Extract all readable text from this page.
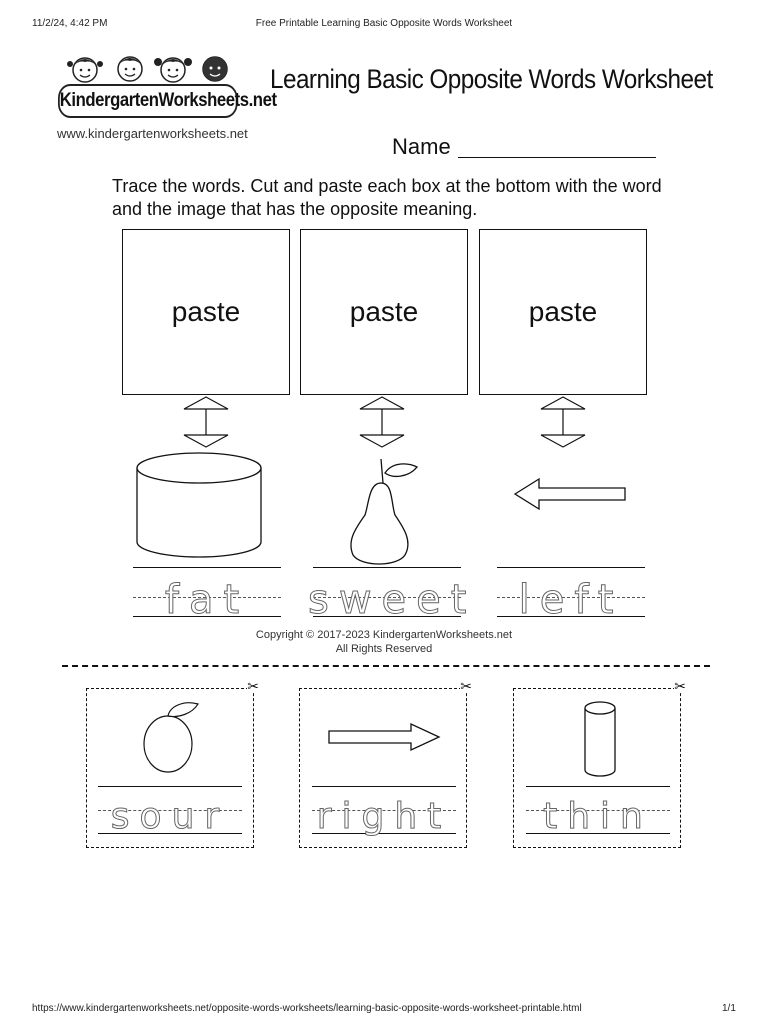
11/2/24, 4:42 PM	Free Printable Learning Basic Opposite Words Worksheet
KindergartenWorksheets.net
www.kindergartenworksheets.net
Learning Basic Opposite Words Worksheet
Name
Trace the words. Cut and paste each box at the bottom with the word and the image that has the opposite meaning.
paste	paste	paste
fat	sweet	left
Copyright © 2017-2023 KindergartenWorksheets.net
All Rights Reserved
✂	✂	✂
sour	right	thin
https://www.kindergartenworksheets.net/opposite-words-worksheets/learning-basic-opposite-words-worksheet-printable.html	1/1
